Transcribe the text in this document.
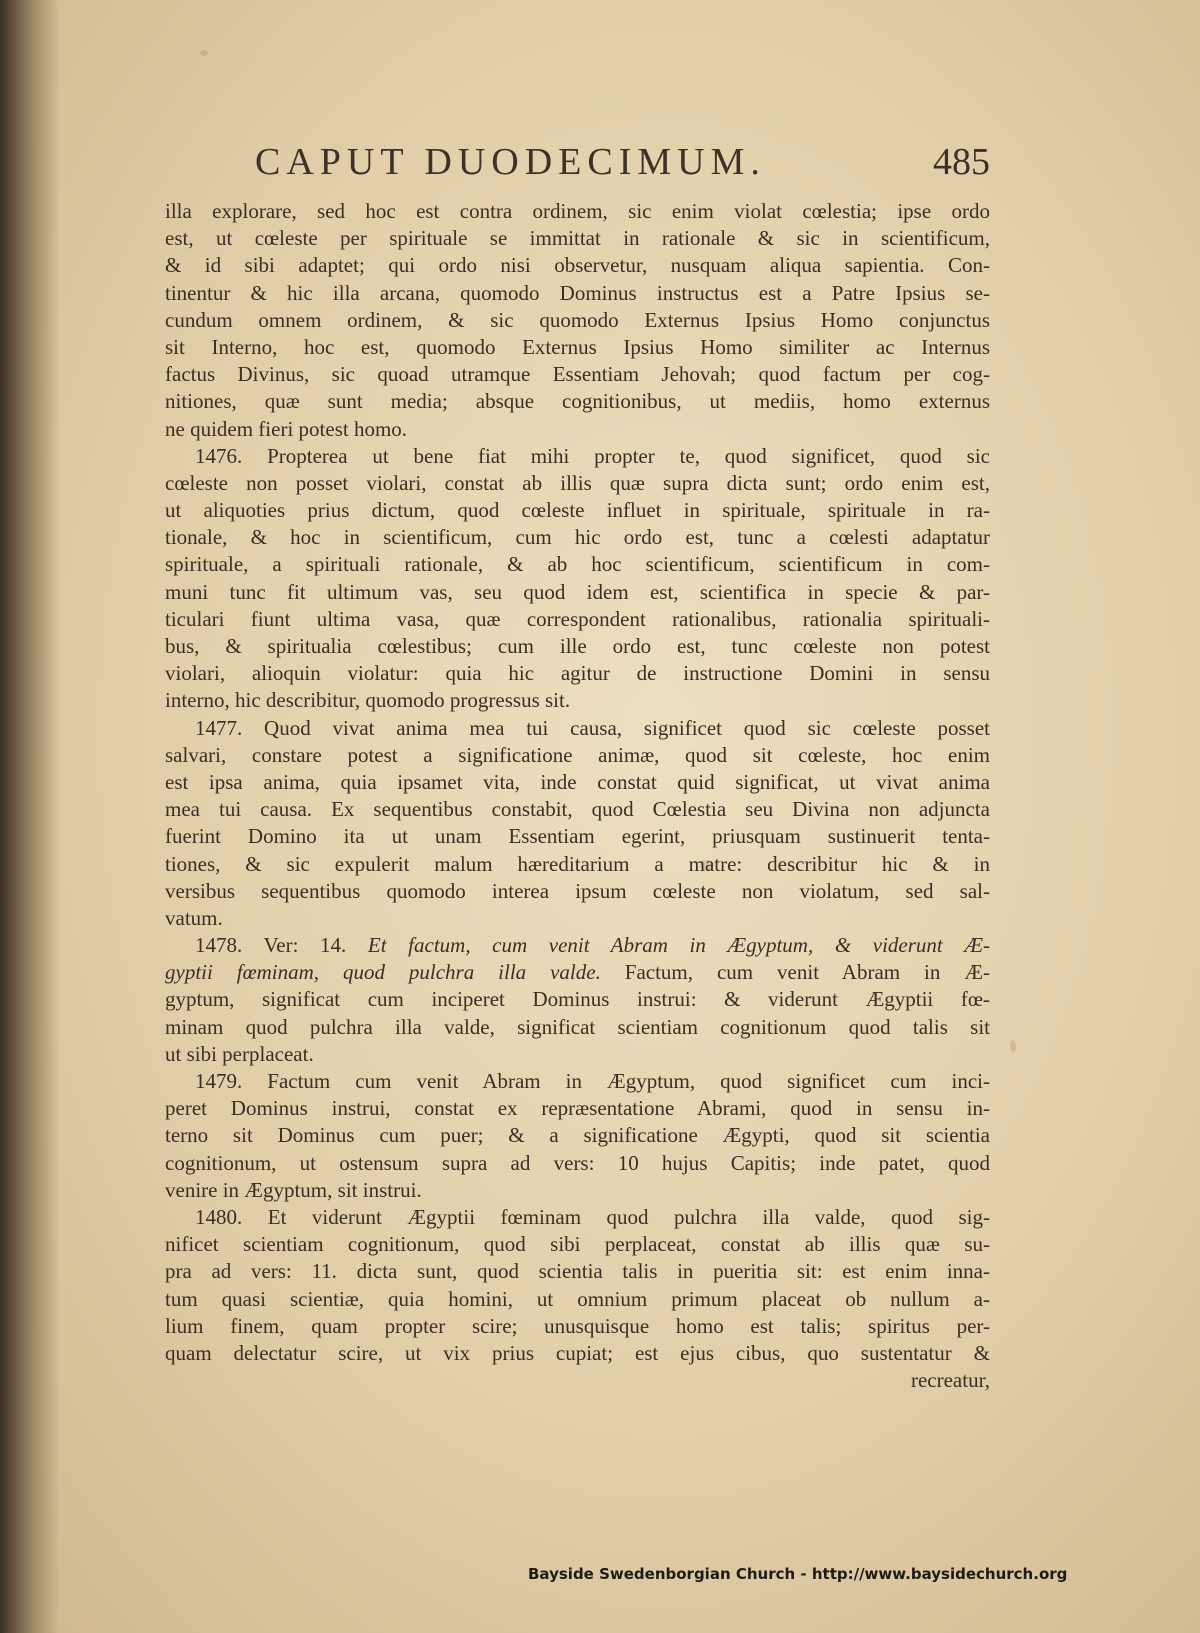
CAPUT DUODECIMUM.	485
illa explorare, sed hoc est contra ordinem, sic enim violat cœlestia; ipse ordo
est, ut cœleste per spirituale se immittat in rationale & sic in scientificum,
& id sibi adaptet; qui ordo nisi observetur, nusquam aliqua sapientia. Con-
tinentur & hic illa arcana, quomodo Dominus instructus est a Patre Ipsius se-
cundum omnem ordinem, & sic quomodo Externus Ipsius Homo conjunctus
sit Interno, hoc est, quomodo Externus Ipsius Homo similiter ac Internus
factus Divinus, sic quoad utramque Essentiam Jehovah; quod factum per cog-
nitiones, quæ sunt media; absque cognitionibus, ut mediis, homo externus
ne quidem fieri potest homo.
1476. Propterea ut bene fiat mihi propter te, quod significet, quod sic
cœleste non posset violari, constat ab illis quæ supra dicta sunt; ordo enim est,
ut aliquoties prius dictum, quod cœleste influet in spirituale, spirituale in ra-
tionale, & hoc in scientificum, cum hic ordo est, tunc a cœlesti adaptatur
spirituale, a spirituali rationale, & ab hoc scientificum, scientificum in com-
muni tunc fit ultimum vas, seu quod idem est, scientifica in specie & par-
ticulari fiunt ultima vasa, quæ correspondent rationalibus, rationalia spirituali-
bus, & spiritualia cœlestibus; cum ille ordo est, tunc cœleste non potest
violari, alioquin violatur: quia hic agitur de instructione Domini in sensu
interno, hic describitur, quomodo progressus sit.
1477. Quod vivat anima mea tui causa, significet quod sic cœleste posset
salvari, constare potest a significatione animæ, quod sit cœleste, hoc enim
est ipsa anima, quia ipsamet vita, inde constat quid significat, ut vivat anima
mea tui causa. Ex sequentibus constabit, quod Cœlestia seu Divina non adjuncta
fuerint Domino ita ut unam Essentiam egerint, priusquam sustinuerit tenta-
tiones, & sic expulerit malum hæreditarium a matre: describitur hic & in
versibus sequentibus quomodo interea ipsum cœleste non violatum, sed sal-
vatum.
1478. Ver: 14. Et factum, cum venit Abram in Ægyptum, & viderunt Æ-
gyptii fœminam, quod pulchra illa valde. Factum, cum venit Abram in Æ-
gyptum, significat cum inciperet Dominus instrui: & viderunt Ægyptii fœ-
minam quod pulchra illa valde, significat scientiam cognitionum quod talis sit
ut sibi perplaceat.
1479. Factum cum venit Abram in Ægyptum, quod significet cum inci-
peret Dominus instrui, constat ex repræsentatione Abrami, quod in sensu in-
terno sit Dominus cum puer; & a significatione Ægypti, quod sit scientia
cognitionum, ut ostensum supra ad vers: 10 hujus Capitis; inde patet, quod
venire in Ægyptum, sit instrui.
1480. Et viderunt Ægyptii fœminam quod pulchra illa valde, quod sig-
nificet scientiam cognitionum, quod sibi perplaceat, constat ab illis quæ su-
pra ad vers: 11. dicta sunt, quod scientia talis in pueritia sit: est enim inna-
tum quasi scientiæ, quia homini, ut omnium primum placeat ob nullum a-
lium finem, quam propter scire; unusquisque homo est talis; spiritus per-
quam delectatur scire, ut vix prius cupiat; est ejus cibus, quo sustentatur &
recreatur,
Bayside Swedenborgian Church - http://www.baysidechurch.org
